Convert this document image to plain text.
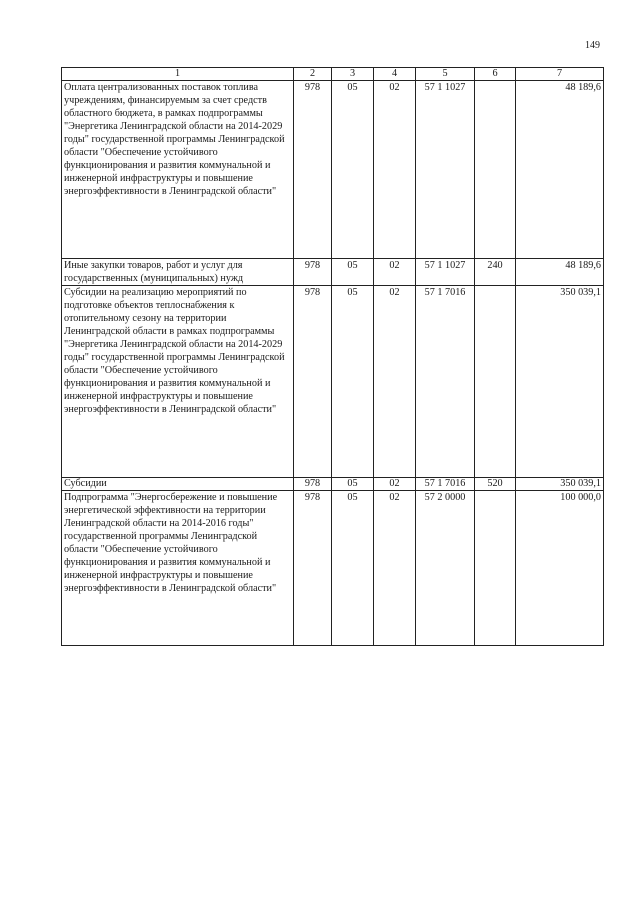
149
1	2	3	4	5	6	7
Оплата централизованных поставок топлива учреждениям, финансируемым за счет средств областного бюджета, в рамках подпрограммы "Энергетика Ленинградской области на 2014-2029 годы" государственной программы Ленинградской области "Обеспечение устойчивого функционирования и развития коммунальной и инженерной инфраструктуры и повышение энергоэффективности в Ленинградской области"	978	05	02	57 1 1027		48 189,6
Иные закупки товаров, работ и услуг для государственных (муниципальных) нужд	978	05	02	57 1 1027	240	48 189,6
Субсидии на реализацию мероприятий по подготовке объектов теплоснабжения к отопительному сезону на территории Ленинградской области в рамках подпрограммы "Энергетика Ленинградской области на 2014-2029 годы" государственной программы Ленинградской области "Обеспечение устойчивого функционирования и развития коммунальной и инженерной инфраструктуры и повышение энергоэффективности в Ленинградской области"	978	05	02	57 1 7016		350 039,1
Субсидии	978	05	02	57 1 7016	520	350 039,1
Подпрограмма "Энергосбережение и повышение энергетической эффективности на территории Ленинградской области на 2014-2016 годы" государственной программы Ленинградской области "Обеспечение устойчивого функционирования и развития коммунальной и инженерной инфраструктуры и повышение энергоэффективности в Ленинградской области"	978	05	02	57 2 0000		100 000,0
